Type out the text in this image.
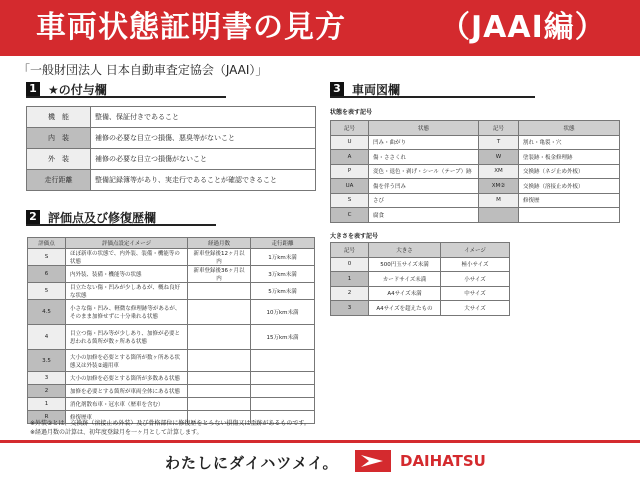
車両状態証明書の見方	（JAAI編）
「一般財団法人 日本自動車査定協会（JAAI）」
1 ★の付与欄
機　能	整備、保証付きであること
内　装	補修の必要な目立つ損傷、悪臭等がないこと
外　装	補修の必要な目立つ損傷がないこと
走行距離	整備記録簿等があり、実走行であることが確認できること
2 評価点及び修復歴欄
評価点	評価点設定イメージ	経過月数	走行距離
S	ほぼ新車の状態で、内外装、装備・機能等の状態	新車登録後12ヶ月以内	1万km未満
6	内外装、装備・機能等の状態	新車登録後36ヶ月以内	3万km未満
5	目立たない傷・凹みが少しあるが、概ね良好な状態		5万km未満
4.5	小さな傷・凹み、軽微な修理跡等があるが、そのまま加修せずに十分乗れる状態		10万km未満
4	目立つ傷・凹み等が少しあり、加修が必要と思われる箇所が数ヶ所ある状態		15万km未満
3.5	大小の加修を必要とする箇所が数ヶ所ある状態又は外装②適用車		
3	大小の加修を必要とする箇所が多数ある状態		
2	加修を必要とする箇所が車両全体にある状態		
1	消化剤散布車・冠水車（歴車を含む）		
R	修復歴車		
※外装②とは、交換跡（溶接止め外装）及び骨格部位に修復歴をとらない損傷又は歪跡があるものです。
※経過月数の計算は、初年度登録月を一ヶ月として計算します。
3 車両図欄
状態を表す記号
記号	状態	記号	状態
U	凹み・曲がり	T	割れ・亀裂・穴
A	傷・ささくれ	W	塗装跡・板金修理跡
P	変色・退色・剥げ・シール（テープ）跡	XM	交換跡（ネジ止め外板）
UA	傷を伴う凹み	XM②	交換跡（溶接止め外板）
S	さび	M	修復歴
C	腐食		
大きさを表す記号
記号	大きさ	イメージ
0	500円玉サイズ未満	極小サイズ
1	カードサイズ未満	小サイズ
2	A4サイズ未満	中サイズ
3	A4サイズを超えたもの	大サイズ
わたしにダイハツメイ。	DAIHATSU
